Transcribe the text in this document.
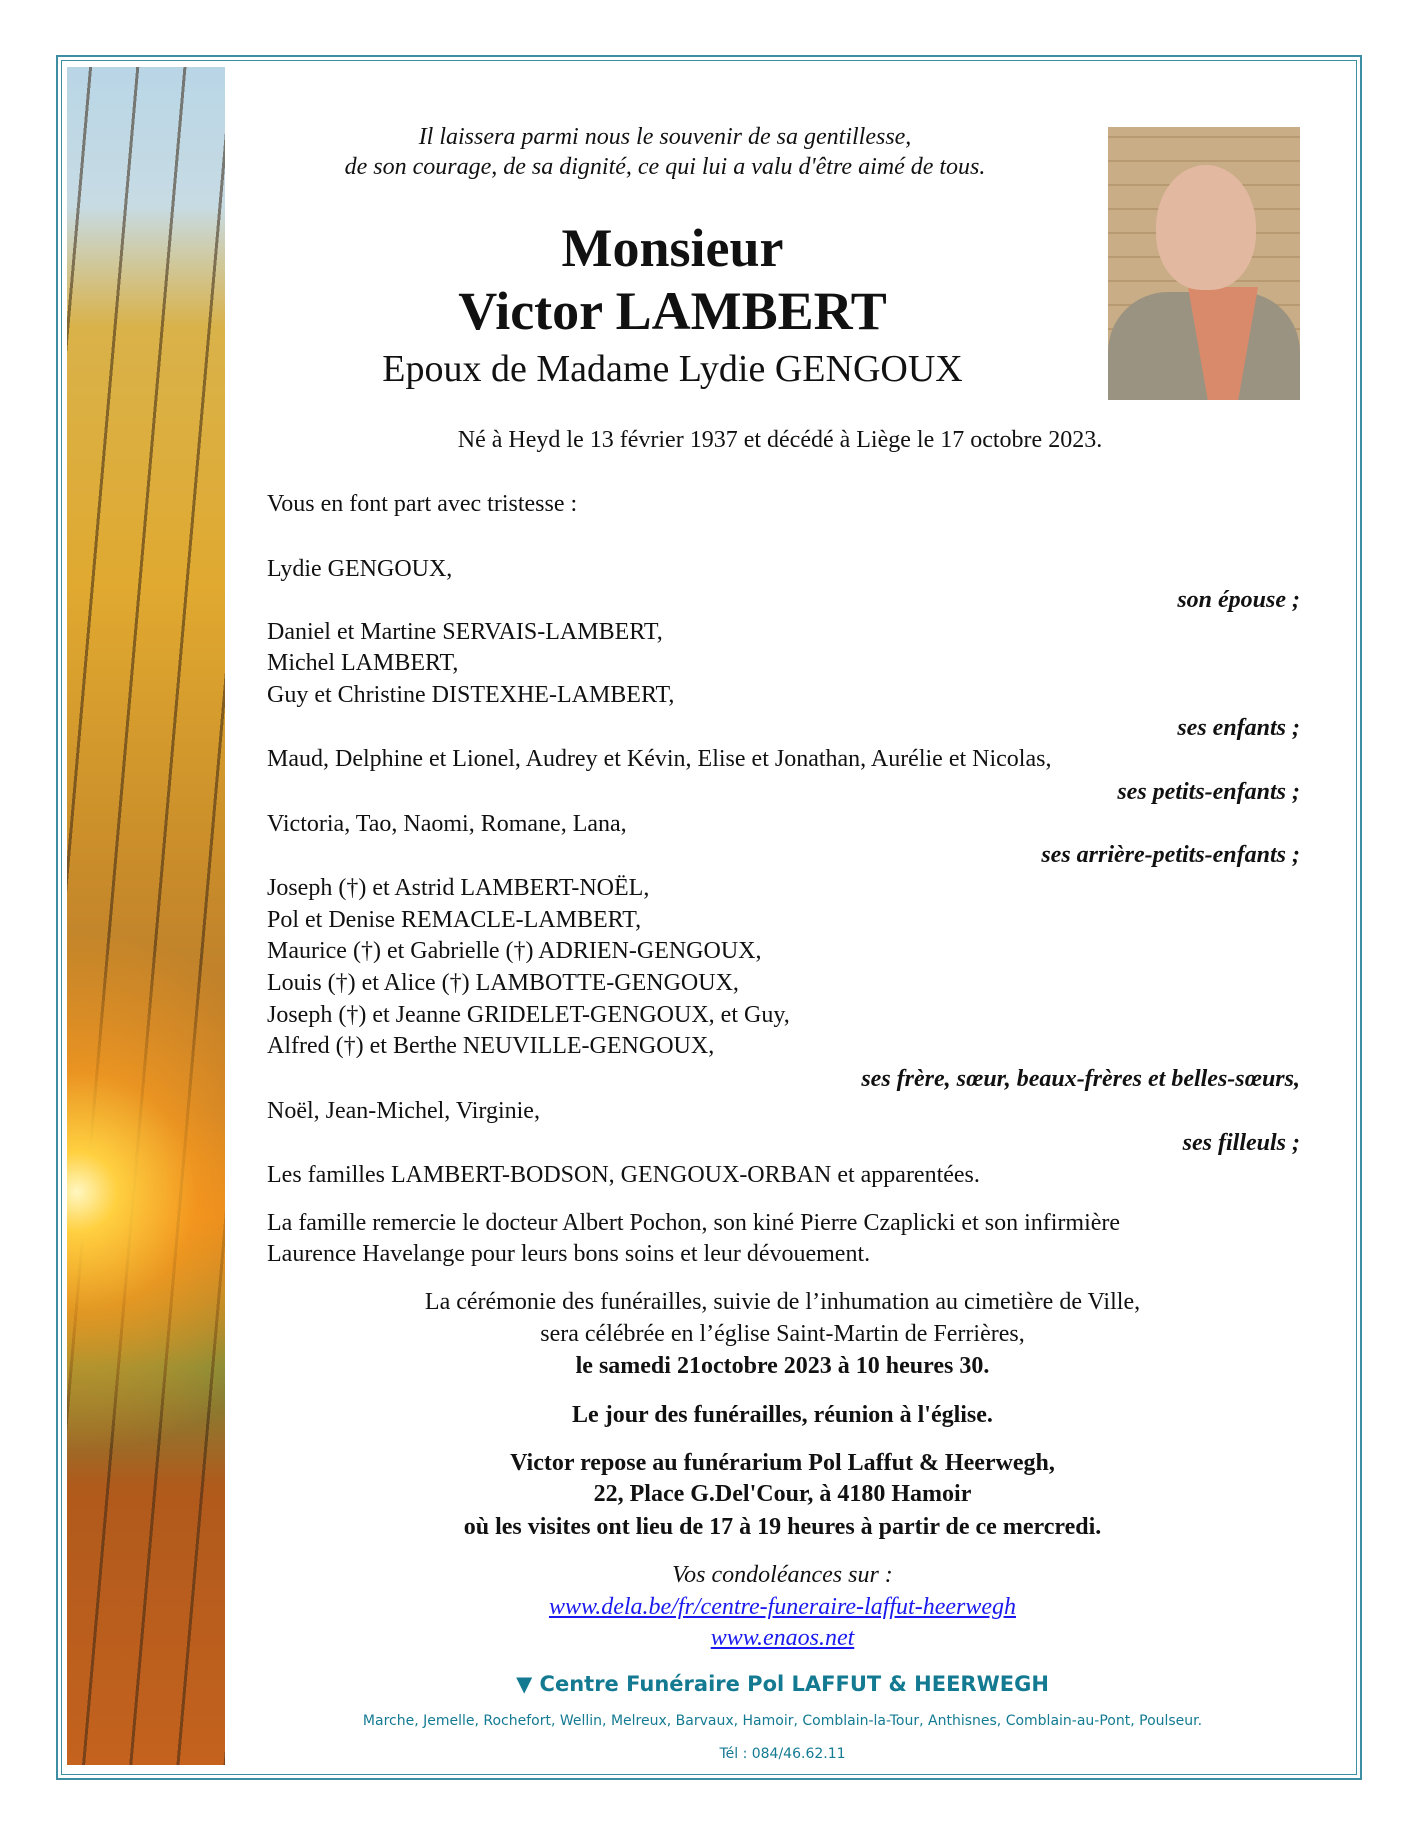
Il laissera parmi nous le souvenir de sa gentillesse,
de son courage, de sa dignité, ce qui lui a valu d'être aimé de tous.
Monsieur
Victor LAMBERT
Epoux de Madame Lydie GENGOUX
Né à Heyd le 13 février 1937 et décédé à Liège le 17 octobre 2023.
Vous en font part avec tristesse :
Lydie GENGOUX,
son épouse ;
Daniel et Martine SERVAIS-LAMBERT,
Michel LAMBERT,
Guy et Christine DISTEXHE-LAMBERT,
ses enfants ;
Maud, Delphine et Lionel, Audrey et Kévin, Elise et Jonathan, Aurélie et Nicolas,
ses petits-enfants ;
Victoria, Tao, Naomi, Romane, Lana,
ses arrière-petits-enfants ;
Joseph (†) et Astrid LAMBERT-NOËL,
Pol et Denise REMACLE-LAMBERT,
Maurice (†) et Gabrielle (†) ADRIEN-GENGOUX,
Louis (†) et Alice (†) LAMBOTTE-GENGOUX,
Joseph (†) et Jeanne GRIDELET-GENGOUX, et Guy,
Alfred (†) et Berthe NEUVILLE-GENGOUX,
ses frère, sœur, beaux-frères et belles-sœurs,
Noël, Jean-Michel, Virginie,
ses filleuls ;
Les familles LAMBERT-BODSON, GENGOUX-ORBAN et apparentées.
La famille remercie le docteur Albert Pochon, son kiné Pierre Czaplicki et son infirmière
Laurence Havelange pour leurs bons soins et leur dévouement.
La cérémonie des funérailles, suivie de l’inhumation au cimetière de Ville,
sera célébrée en l’église Saint-Martin de Ferrières,
le samedi 21octobre 2023 à 10 heures 30.
Le jour des funérailles, réunion à l'église.
Victor repose au funérarium Pol Laffut & Heerwegh,
22, Place G.Del'Cour, à 4180 Hamoir
où les visites ont lieu de 17 à 19 heures à partir de ce mercredi.
Vos condoléances sur :
www.dela.be/fr/centre-funeraire-laffut-heerwegh
www.enaos.net
▼ Centre Funéraire Pol LAFFUT & HEERWEGH
Marche, Jemelle, Rochefort, Wellin, Melreux, Barvaux, Hamoir, Comblain-la-Tour, Anthisnes, Comblain-au-Pont, Poulseur.
Tél : 084/46.62.11
